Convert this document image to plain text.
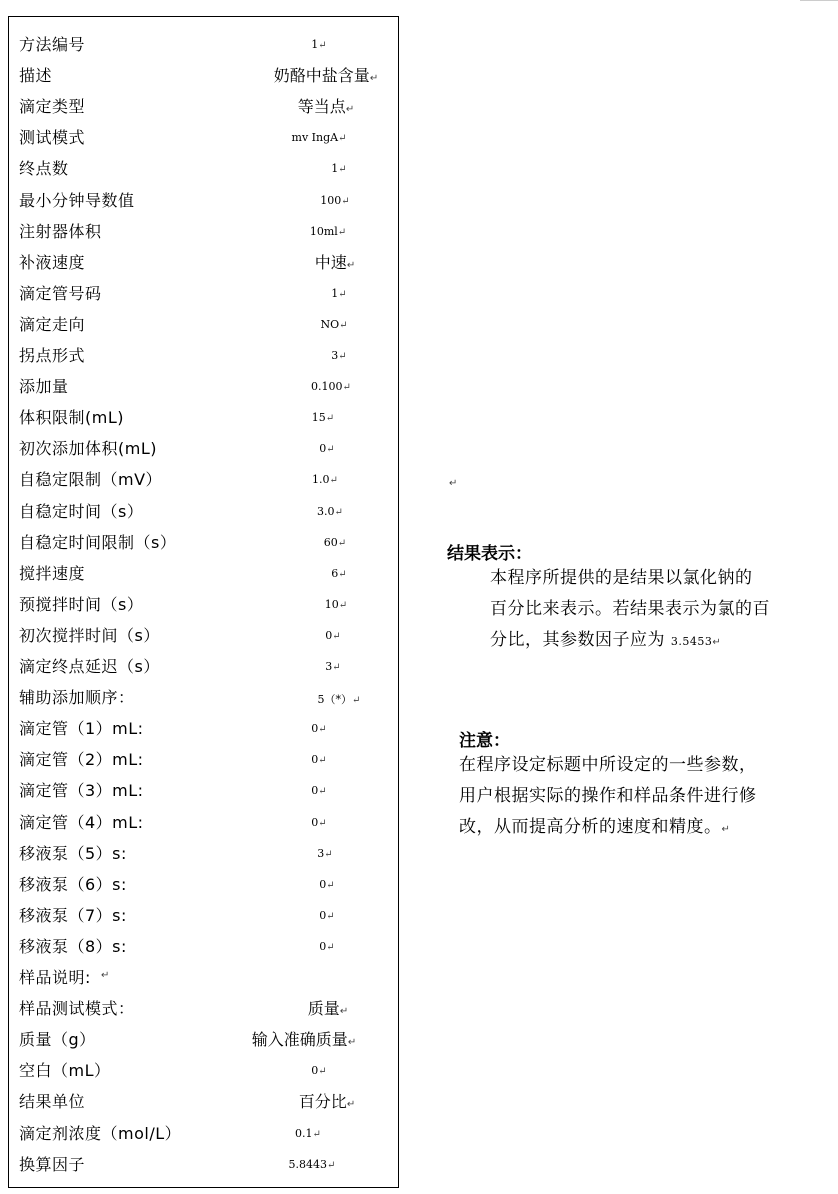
方法编号	1↵
描述	奶酪中盐含量↵
滴定类型	等当点↵
测试模式	mv IngA↵
终点数	1↵
最小分钟导数值	100↵
注射器体积	10ml↵
补液速度	中速↵
滴定管号码	1↵
滴定走向	NO↵
拐点形式	3↵
添加量	0.100↵
体积限制(mL)	15↵
初次添加体积(mL)	0↵
自稳定限制（mV）	1.0↵
自稳定时间（s）	3.0↵
自稳定时间限制（s）	60↵
搅拌速度	6↵
预搅拌时间（s）	10↵
初次搅拌时间（s）	0↵
滴定终点延迟（s）	3↵
辅助添加顺序：	5（*）↵
滴定管（1）mL:	0↵
滴定管（2）mL:	0↵
滴定管（3）mL:	0↵
滴定管（4）mL:	0↵
移液泵（5）s:	3↵
移液泵（6）s:	0↵
移液泵（7）s:	0↵
移液泵（8）s:	0↵
样品说明: ↵
样品测试模式：	质量↵
质量（g）	输入准确质量↵
空白（mL）	0↵
结果单位	百分比↵
滴定剂浓度（mol/L）	0.1↵
换算因子	5.8443↵
↵
结果表示：
本程序所提供的是结果以氯化钠的
百分比来表示。若结果表示为氯的百
分比，其参数因子应为 3.5453↵
注意：
在程序设定标题中所设定的一些参数，
用户根据实际的操作和样品条件进行修
改，从而提高分析的速度和精度。↵
